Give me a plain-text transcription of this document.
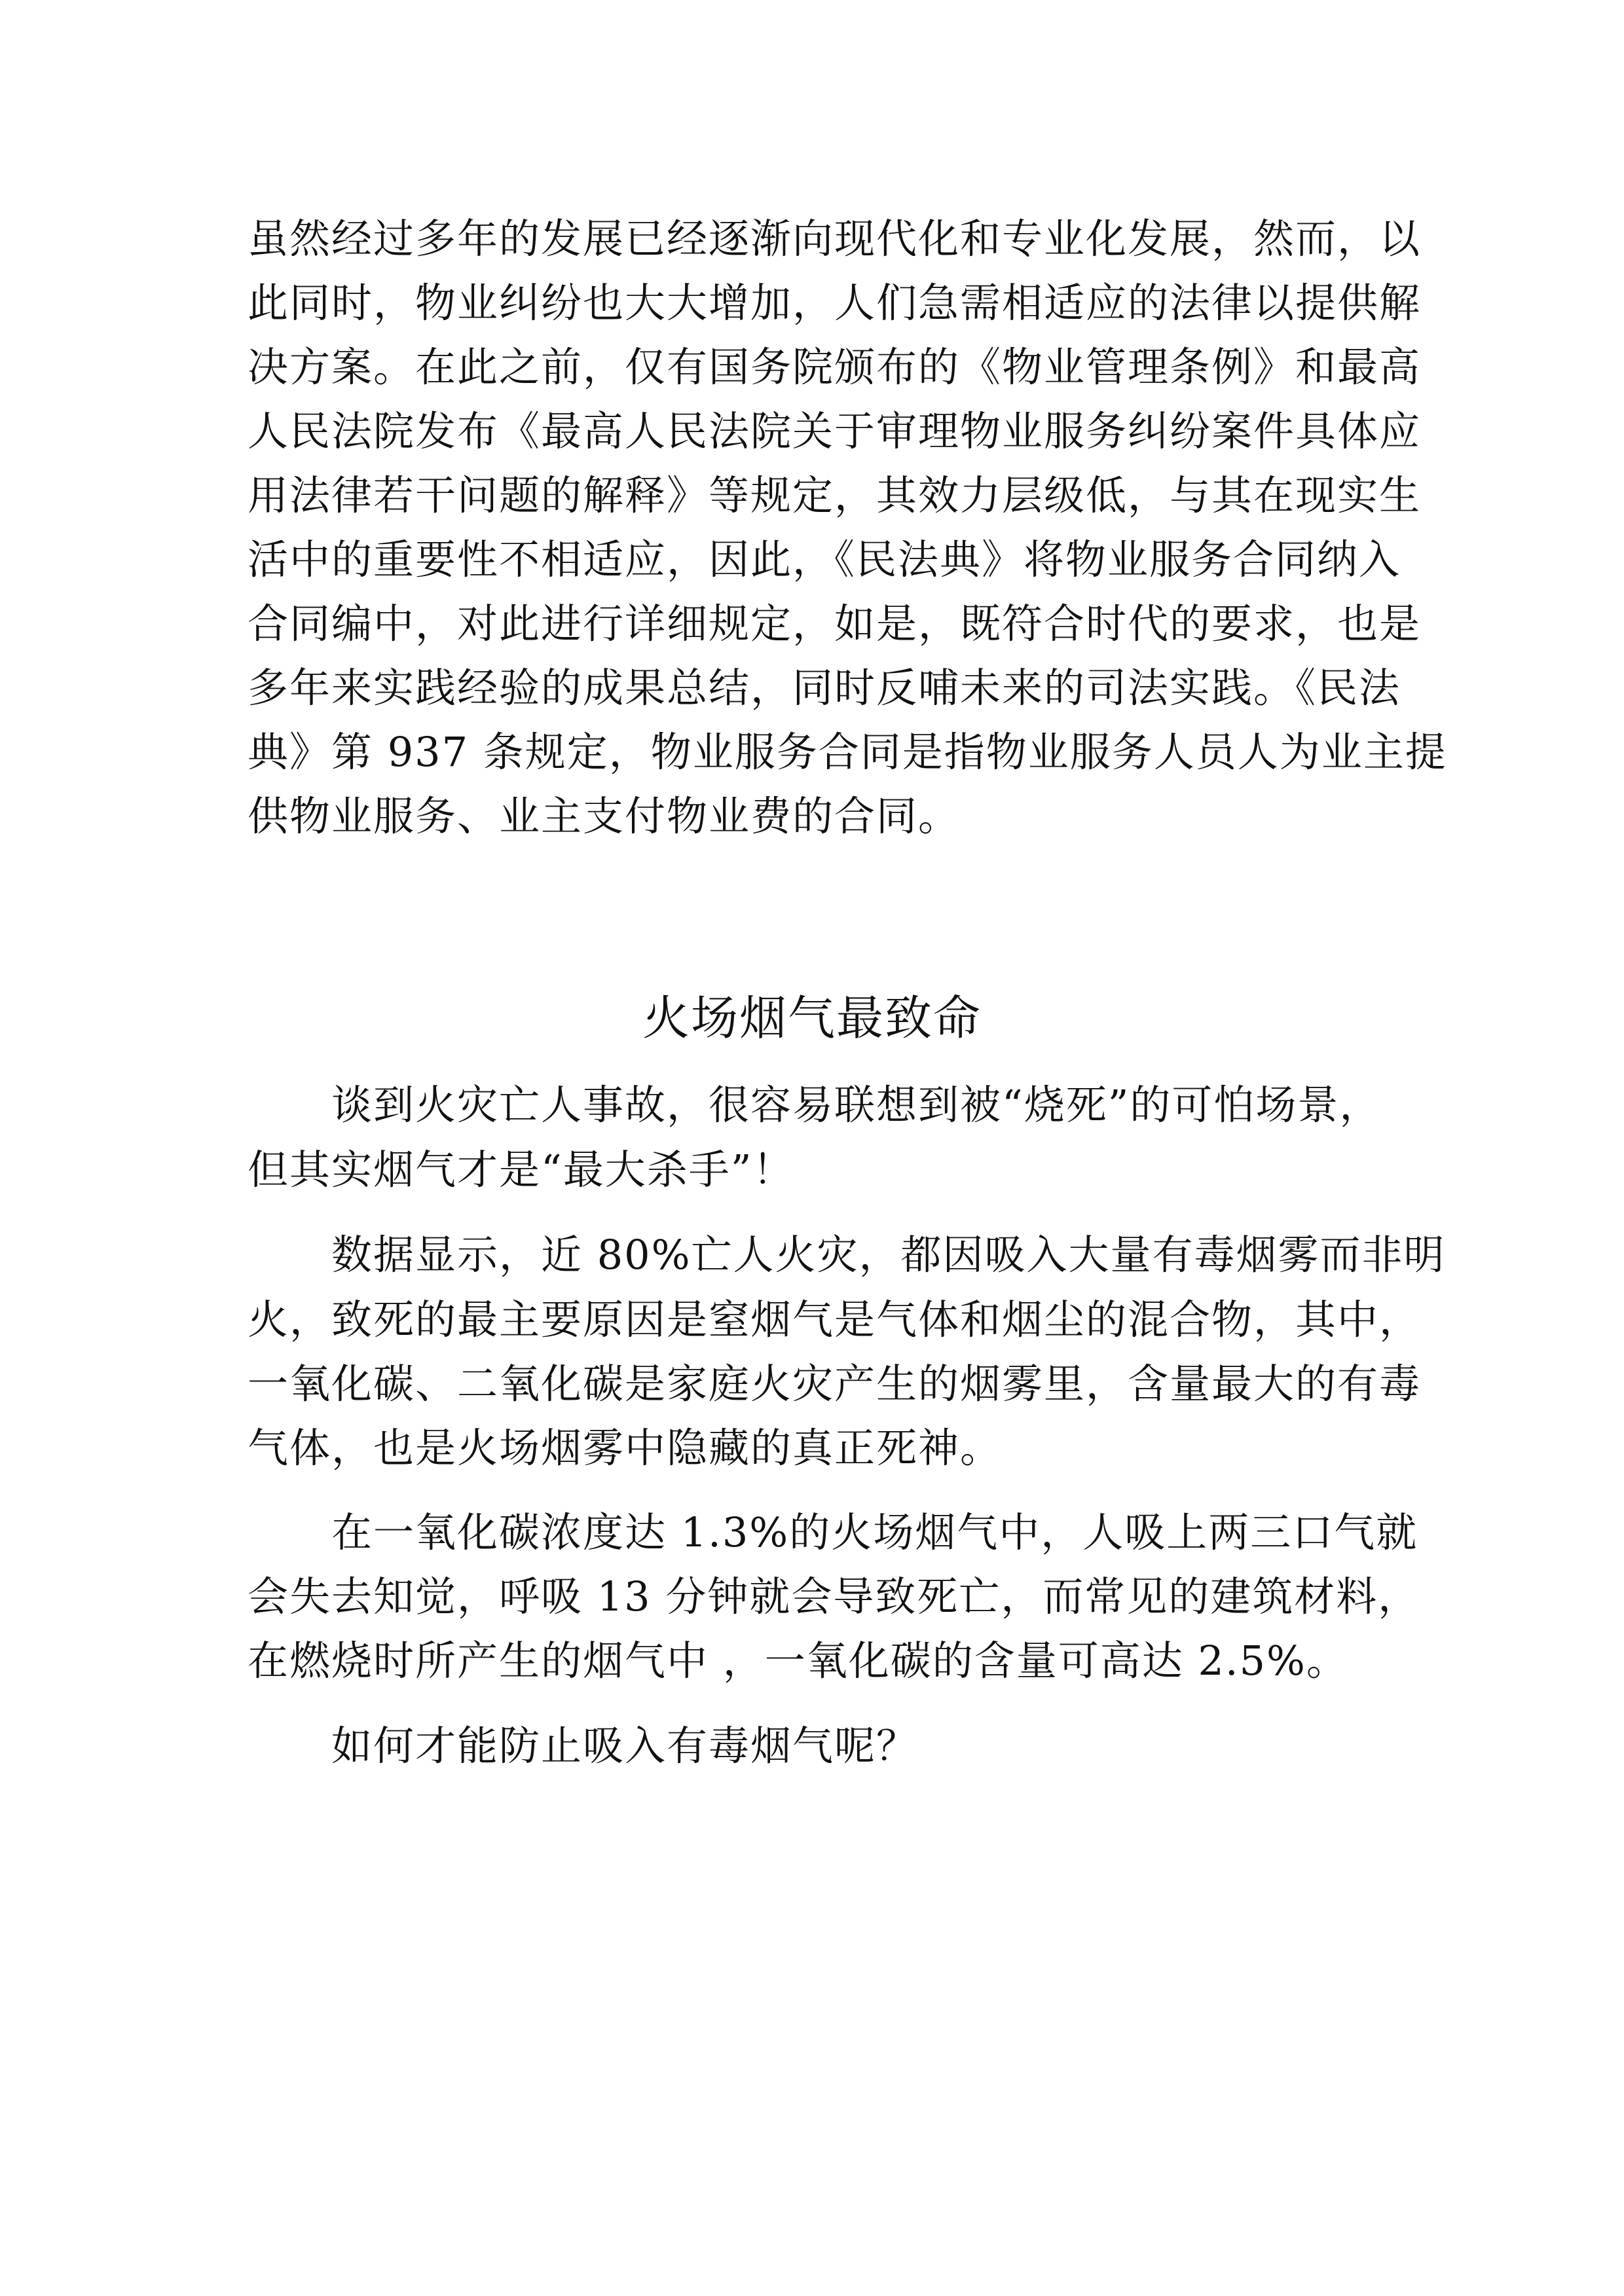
虽然经过多年的发展已经逐渐向现代化和专业化发展，然而，以
此同时，物业纠纷也大大增加，人们急需相适应的法律以提供解
决方案。在此之前，仅有国务院颁布的《物业管理条例》和最高
人民法院发布《最高人民法院关于审理物业服务纠纷案件具体应
用法律若干问题的解释》等规定，其效力层级低，与其在现实生
活中的重要性不相适应，因此，《民法典》将物业服务合同纳入
合同编中，对此进行详细规定，如是，既符合时代的要求，也是
多年来实践经验的成果总结，同时反哺未来的司法实践。《民法
典》第 937 条规定，物业服务合同是指物业服务人员人为业主提
供物业服务、业主支付物业费的合同。
火场烟气最致命
谈到火灾亡人事故，很容易联想到被“烧死”的可怕场景，
但其实烟气才是“最大杀手”！
数据显示，近 80%亡人火灾，都因吸入大量有毒烟雾而非明
火，致死的最主要原因是窒烟气是气体和烟尘的混合物，其中，
一氧化碳、二氧化碳是家庭火灾产生的烟雾里，含量最大的有毒
气体，也是火场烟雾中隐藏的真正死神。
在一氧化碳浓度达 1.3%的火场烟气中，人吸上两三口气就
会失去知觉，呼吸 13 分钟就会导致死亡，而常见的建筑材料，
在燃烧时所产生的烟气中 ，一氧化碳的含量可高达 2.5%。
如何才能防止吸入有毒烟气呢？
